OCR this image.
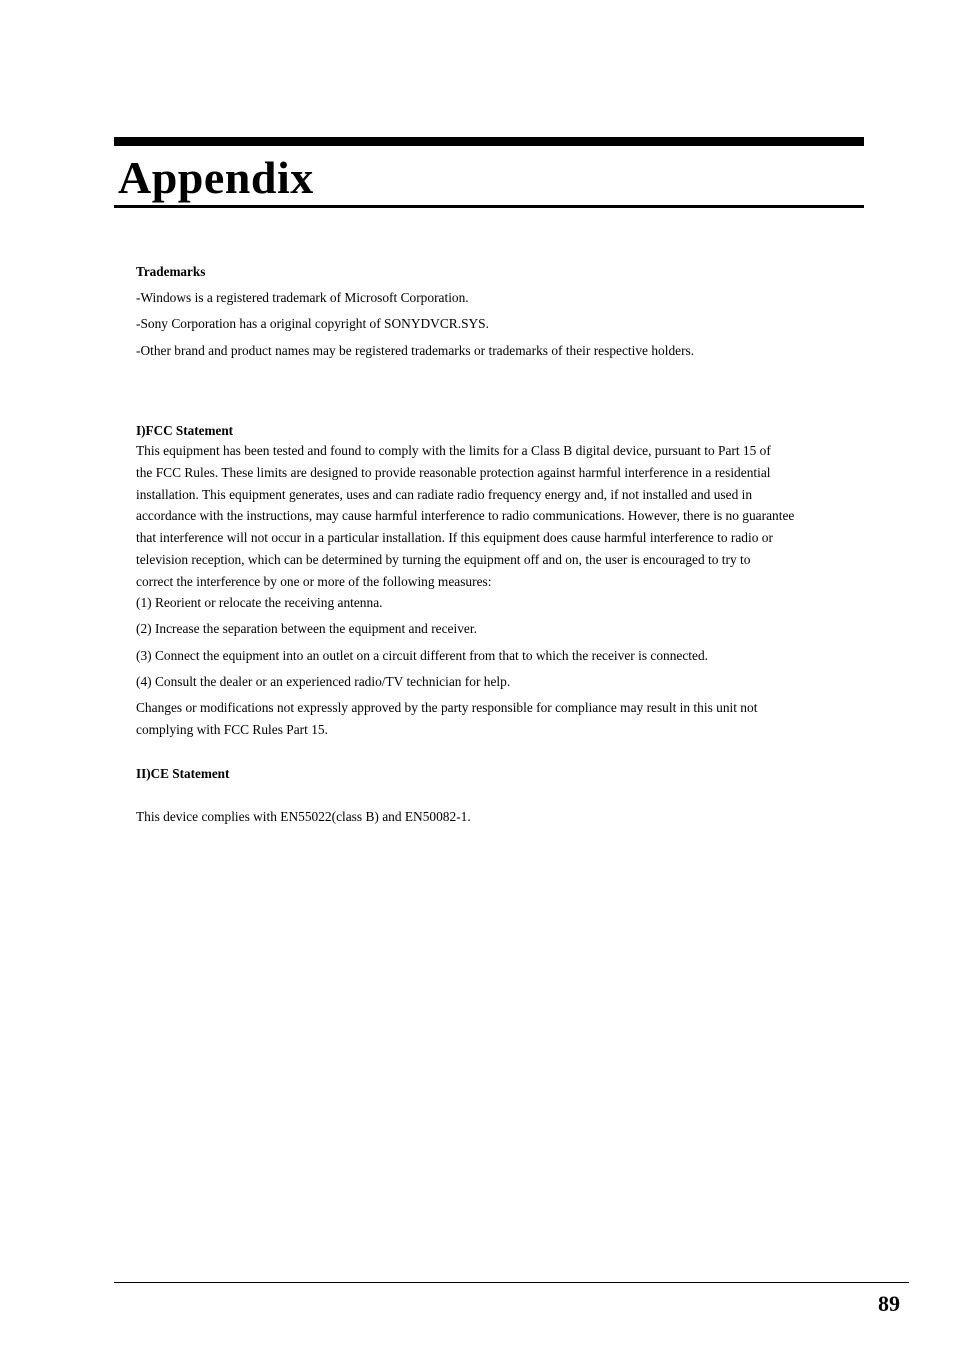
Appendix

Trademarks

-Windows is a registered trademark of Microsoft Corporation.

-Sony Corporation has a original copyright of SONYDVCR.SYS.

-Other brand and product names may be registered trademarks or trademarks of their respective holders.

I)FCC Statement

This equipment has been tested and found to comply with the limits for a Class B digital device, pursuant to Part 15 of
the FCC Rules. These limits are designed to provide reasonable protection against harmful interference in a residential
installation. This equipment generates, uses and can radiate radio frequency energy and, if not installed and used in
accordance with the instructions, may cause harmful interference to radio communications. However, there is no guarantee
that interference will not occur in a particular installation. If this equipment does cause harmful interference to radio or
television reception, which can be determined by turning the equipment off and on, the user is encouraged to try to
correct the interference by one or more of the following measures:

(1) Reorient or relocate the receiving antenna.

(2) Increase the separation between the equipment and receiver.

(3) Connect the equipment into an outlet on a circuit different from that to which the receiver is connected.

(4) Consult the dealer or an experienced radio/TV technician for help.

Changes or modifications not expressly approved by the party responsible for compliance may result in this unit not
complying with FCC Rules Part 15.

II)CE Statement

This device complies with EN55022(class B) and EN50082-1.

89
